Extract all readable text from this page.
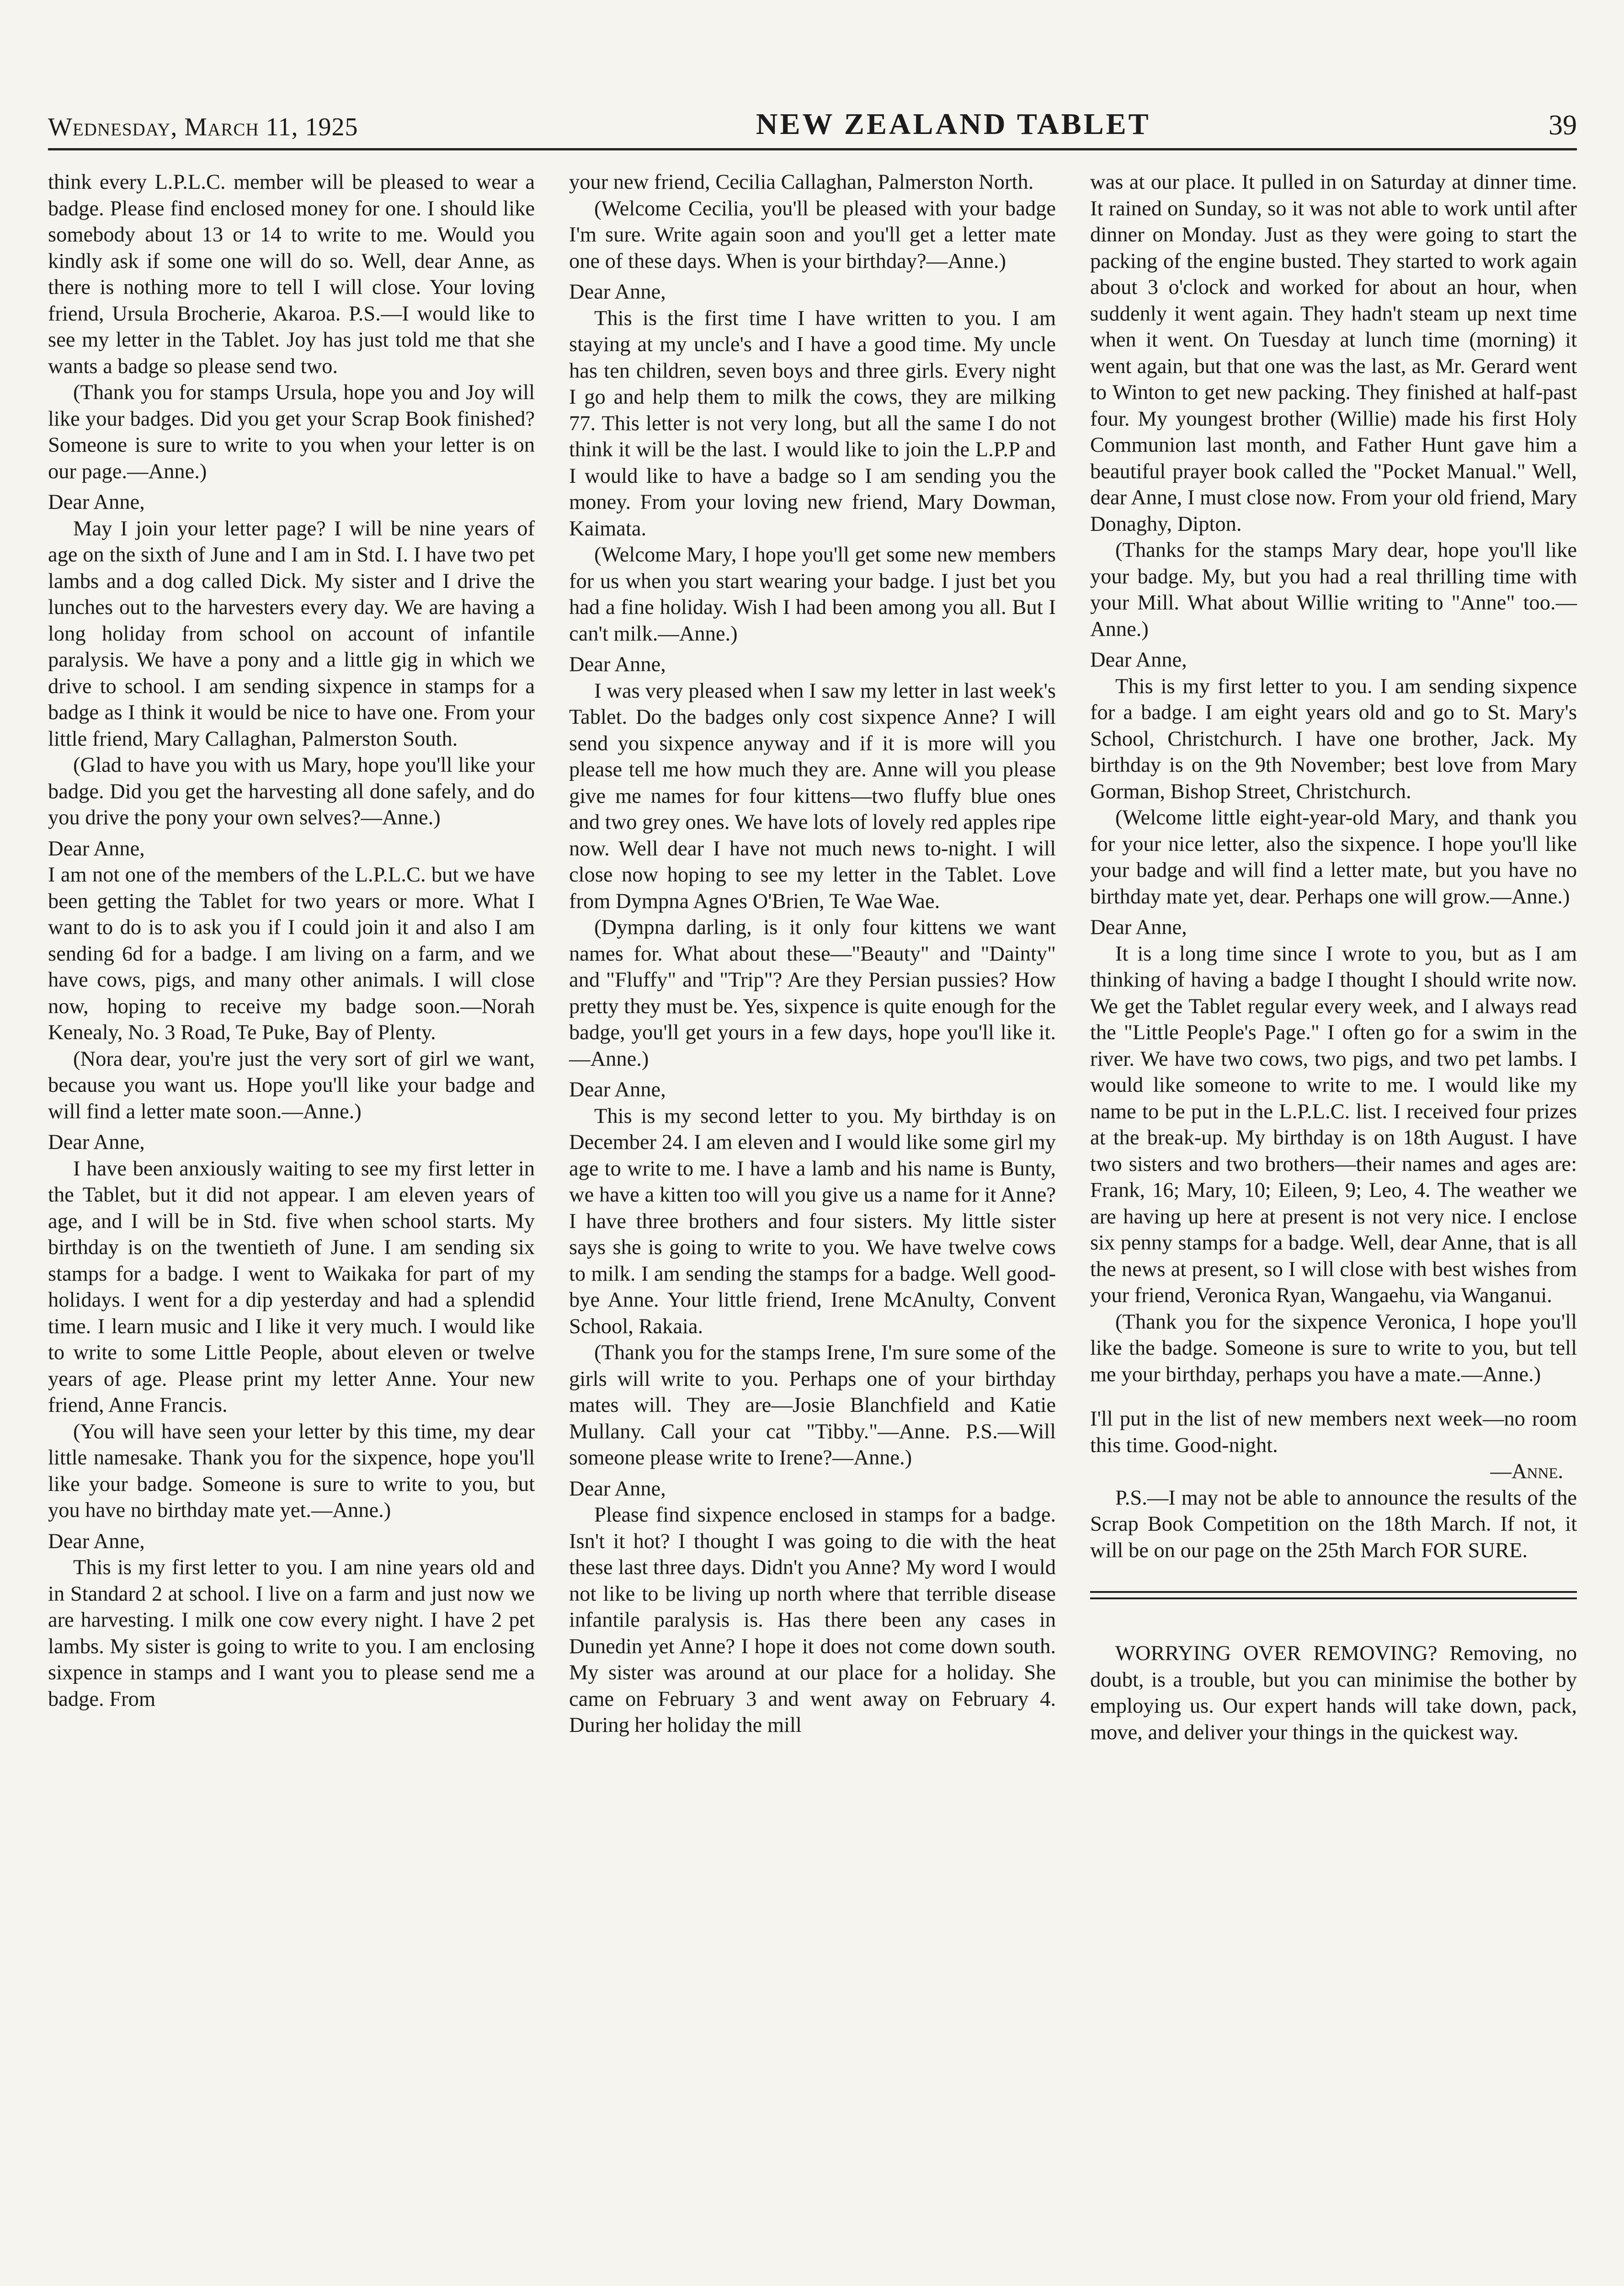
Wednesday, March 11, 1925	NEW ZEALAND TABLET	39

think every L.P.L.C. member will be pleased to wear a badge. Please find enclosed money for one. I should like somebody about 13 or 14 to write to me. Would you kindly ask if some one will do so. Well, dear Anne, as there is nothing more to tell I will close. Your loving friend, Ursula Brocherie, Akaroa. P.S.—I would like to see my letter in the Tablet. Joy has just told me that she wants a badge so please send two.

(Thank you for stamps Ursula, hope you and Joy will like your badges. Did you get your Scrap Book finished? Someone is sure to write to you when your letter is on our page.—Anne.)

Dear Anne,

May I join your letter page? I will be nine years of age on the sixth of June and I am in Std. I. I have two pet lambs and a dog called Dick. My sister and I drive the lunches out to the harvesters every day. We are having a long holiday from school on account of infantile paralysis. We have a pony and a little gig in which we drive to school. I am sending sixpence in stamps for a badge as I think it would be nice to have one. From your little friend, Mary Callaghan, Palmerston South.

(Glad to have you with us Mary, hope you'll like your badge. Did you get the harvesting all done safely, and do you drive the pony your own selves?—Anne.)

Dear Anne,

I am not one of the members of the L.P.L.C. but we have been getting the Tablet for two years or more. What I want to do is to ask you if I could join it and also I am sending 6d for a badge. I am living on a farm, and we have cows, pigs, and many other animals. I will close now, hoping to receive my badge soon.—Norah Kenealy, No. 3 Road, Te Puke, Bay of Plenty.

(Nora dear, you're just the very sort of girl we want, because you want us. Hope you'll like your badge and will find a letter mate soon.—Anne.)

Dear Anne,

I have been anxiously waiting to see my first letter in the Tablet, but it did not appear. I am eleven years of age, and I will be in Std. five when school starts. My birthday is on the twentieth of June. I am sending six stamps for a badge. I went to Waikaka for part of my holidays. I went for a dip yesterday and had a splendid time. I learn music and I like it very much. I would like to write to some Little People, about eleven or twelve years of age. Please print my letter Anne. Your new friend, Anne Francis.

(You will have seen your letter by this time, my dear little namesake. Thank you for the sixpence, hope you'll like your badge. Someone is sure to write to you, but you have no birthday mate yet.—Anne.)

Dear Anne,

This is my first letter to you. I am nine years old and in Standard 2 at school. I live on a farm and just now we are harvesting. I milk one cow every night. I have 2 pet lambs. My sister is going to write to you. I am enclosing sixpence in stamps and I want you to please send me a badge. From

your new friend, Cecilia Callaghan, Palmerston North.

(Welcome Cecilia, you'll be pleased with your badge I'm sure. Write again soon and you'll get a letter mate one of these days. When is your birthday?—Anne.)

Dear Anne,

This is the first time I have written to you. I am staying at my uncle's and I have a good time. My uncle has ten children, seven boys and three girls. Every night I go and help them to milk the cows, they are milking 77. This letter is not very long, but all the same I do not think it will be the last. I would like to join the L.P.P and I would like to have a badge so I am sending you the money. From your loving new friend, Mary Dowman, Kaimata.

(Welcome Mary, I hope you'll get some new members for us when you start wearing your badge. I just bet you had a fine holiday. Wish I had been among you all. But I can't milk.—Anne.)

Dear Anne,

I was very pleased when I saw my letter in last week's Tablet. Do the badges only cost sixpence Anne? I will send you sixpence anyway and if it is more will you please tell me how much they are. Anne will you please give me names for four kittens—two fluffy blue ones and two grey ones. We have lots of lovely red apples ripe now. Well dear I have not much news to-night. I will close now hoping to see my letter in the Tablet. Love from Dympna Agnes O'Brien, Te Wae Wae.

(Dympna darling, is it only four kittens we want names for. What about these—"Beauty" and "Dainty" and "Fluffy" and "Trip"? Are they Persian pussies? How pretty they must be. Yes, sixpence is quite enough for the badge, you'll get yours in a few days, hope you'll like it.—Anne.)

Dear Anne,

This is my second letter to you. My birthday is on December 24. I am eleven and I would like some girl my age to write to me. I have a lamb and his name is Bunty, we have a kitten too will you give us a name for it Anne? I have three brothers and four sisters. My little sister says she is going to write to you. We have twelve cows to milk. I am sending the stamps for a badge. Well good-bye Anne. Your little friend, Irene McAnulty, Convent School, Rakaia.

(Thank you for the stamps Irene, I'm sure some of the girls will write to you. Perhaps one of your birthday mates will. They are—Josie Blanchfield and Katie Mullany. Call your cat "Tibby."—Anne. P.S.—Will someone please write to Irene?—Anne.)

Dear Anne,

Please find sixpence enclosed in stamps for a badge. Isn't it hot? I thought I was going to die with the heat these last three days. Didn't you Anne? My word I would not like to be living up north where that terrible disease infantile paralysis is. Has there been any cases in Dunedin yet Anne? I hope it does not come down south. My sister was around at our place for a holiday. She came on February 3 and went away on February 4. During her holiday the mill

was at our place. It pulled in on Saturday at dinner time. It rained on Sunday, so it was not able to work until after dinner on Monday. Just as they were going to start the packing of the engine busted. They started to work again about 3 o'clock and worked for about an hour, when suddenly it went again. They hadn't steam up next time when it went. On Tuesday at lunch time (morning) it went again, but that one was the last, as Mr. Gerard went to Winton to get new packing. They finished at half-past four. My youngest brother (Willie) made his first Holy Communion last month, and Father Hunt gave him a beautiful prayer book called the "Pocket Manual." Well, dear Anne, I must close now. From your old friend, Mary Donaghy, Dipton.

(Thanks for the stamps Mary dear, hope you'll like your badge. My, but you had a real thrilling time with your Mill. What about Willie writing to "Anne" too.—Anne.)

Dear Anne,

This is my first letter to you. I am sending sixpence for a badge. I am eight years old and go to St. Mary's School, Christchurch. I have one brother, Jack. My birthday is on the 9th November; best love from Mary Gorman, Bishop Street, Christchurch.

(Welcome little eight-year-old Mary, and thank you for your nice letter, also the sixpence. I hope you'll like your badge and will find a letter mate, but you have no birthday mate yet, dear. Perhaps one will grow.—Anne.)

Dear Anne,

It is a long time since I wrote to you, but as I am thinking of having a badge I thought I should write now. We get the Tablet regular every week, and I always read the "Little People's Page." I often go for a swim in the river. We have two cows, two pigs, and two pet lambs. I would like someone to write to me. I would like my name to be put in the L.P.L.C. list. I received four prizes at the break-up. My birthday is on 18th August. I have two sisters and two brothers—their names and ages are: Frank, 16; Mary, 10; Eileen, 9; Leo, 4. The weather we are having up here at present is not very nice. I enclose six penny stamps for a badge. Well, dear Anne, that is all the news at present, so I will close with best wishes from your friend, Veronica Ryan, Wangaehu, via Wanganui.

(Thank you for the sixpence Veronica, I hope you'll like the badge. Someone is sure to write to you, but tell me your birthday, perhaps you have a mate.—Anne.)

I'll put in the list of new members next week—no room this time. Good-night.

—Anne.

P.S.—I may not be able to announce the results of the Scrap Book Competition on the 18th March. If not, it will be on our page on the 25th March FOR SURE.

WORRYING OVER REMOVING? Removing, no doubt, is a trouble, but you can minimise the bother by employing us. Our expert hands will take down, pack, move, and deliver your things in the quickest way.
